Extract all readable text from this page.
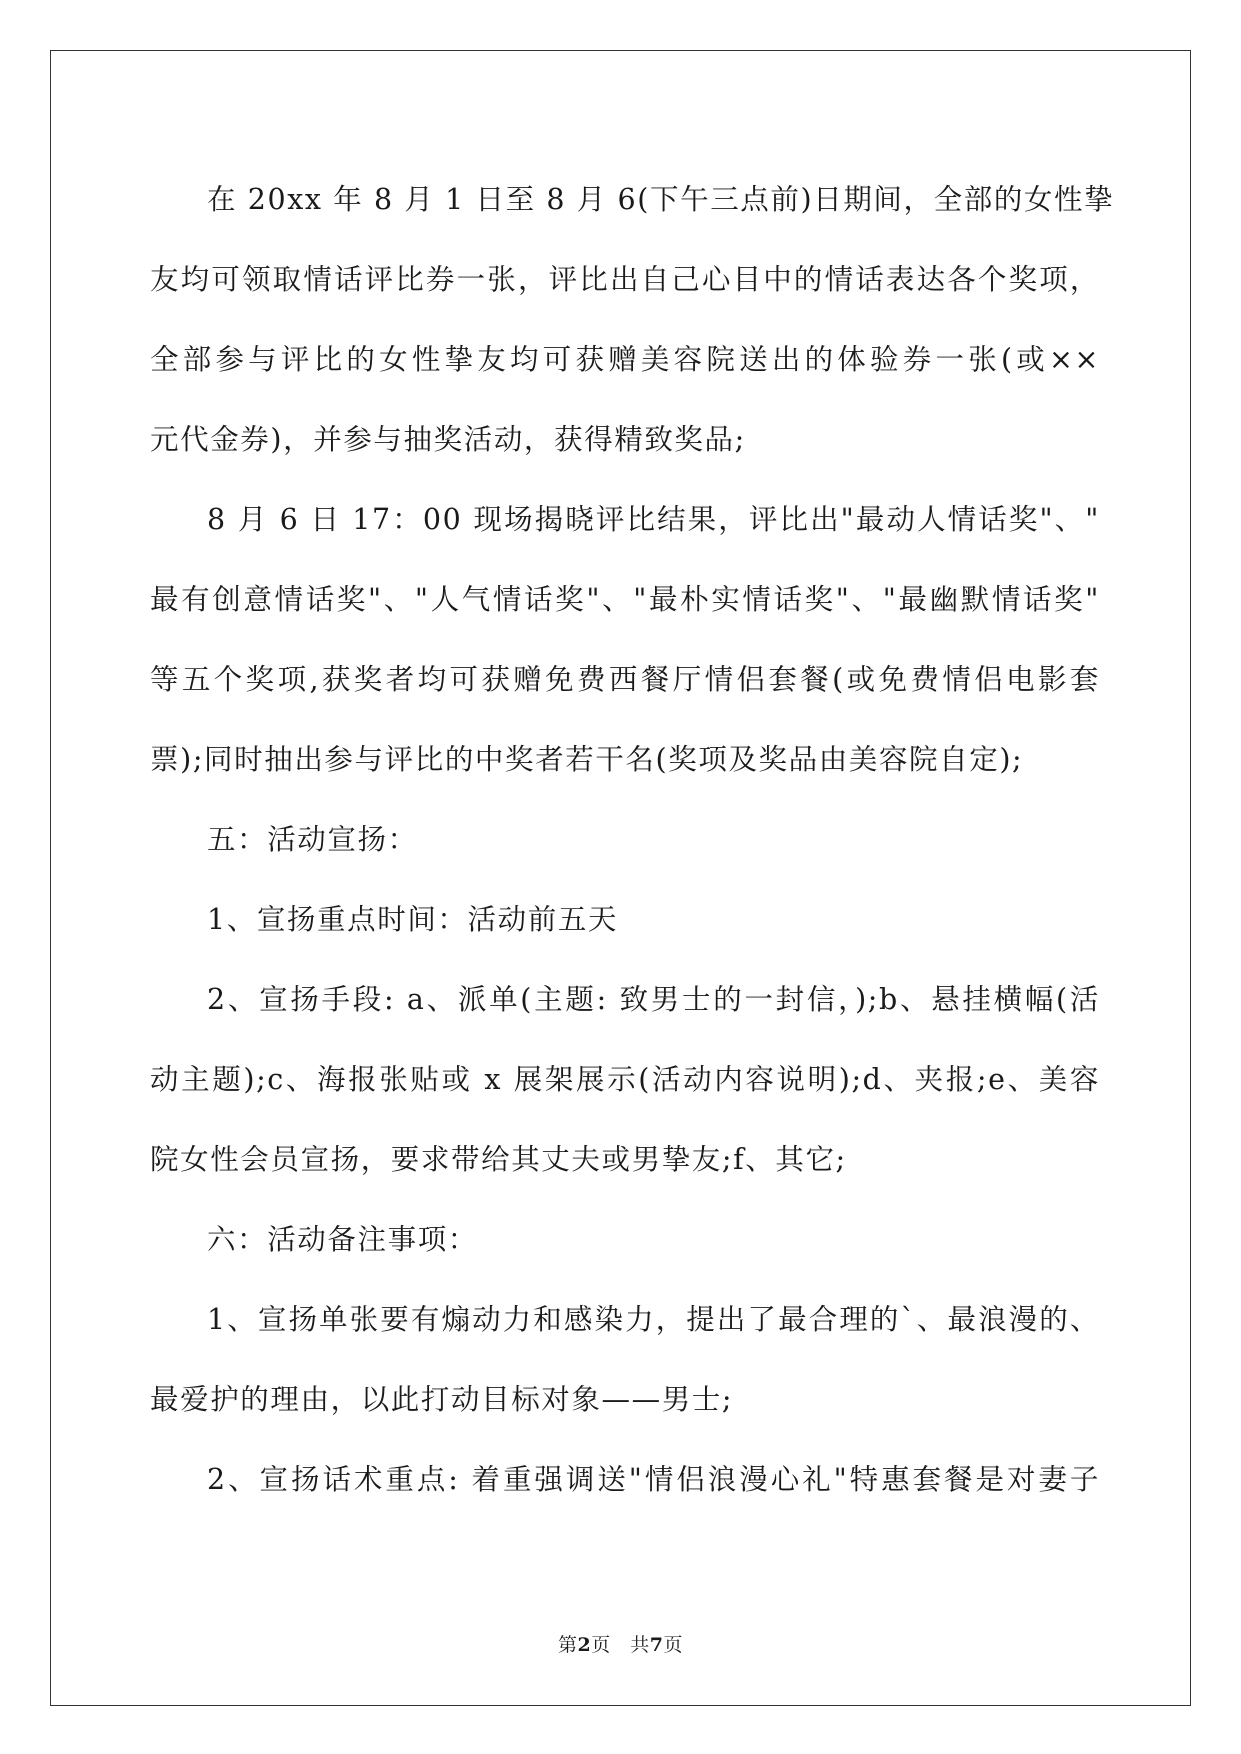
在 20xx 年 8 月 1 日至 8 月 6(下午三点前)日期间，全部的女性挚
友均可领取情话评比券一张，评比出自己心目中的情话表达各个奖项，
全部参与评比的女性挚友均可获赠美容院送出的体验券一张(或××
元代金券)，并参与抽奖活动，获得精致奖品;
8 月 6 日 17：00 现场揭晓评比结果，评比出"最动人情话奖"、"
最有创意情话奖"、"人气情话奖"、"最朴实情话奖"、"最幽默情话奖"
等五个奖项,获奖者均可获赠免费西餐厅情侣套餐(或免费情侣电影套
票);同时抽出参与评比的中奖者若干名(奖项及奖品由美容院自定);
五：活动宣扬：
1、宣扬重点时间：活动前五天
2、宣扬手段: a、派单(主题: 致男士的一封信，);b、悬挂横幅(活
动主题);c、海报张贴或 x 展架展示(活动内容说明);d、夹报;e、美容
院女性会员宣扬，要求带给其丈夫或男挚友;f、其它;
六：活动备注事项：
1、宣扬单张要有煽动力和感染力，提出了最合理的`、最浪漫的、
最爱护的理由，以此打动目标对象——男士;
2、宣扬话术重点: 着重强调送"情侣浪漫心礼"特惠套餐是对妻子
第2页　共7页
